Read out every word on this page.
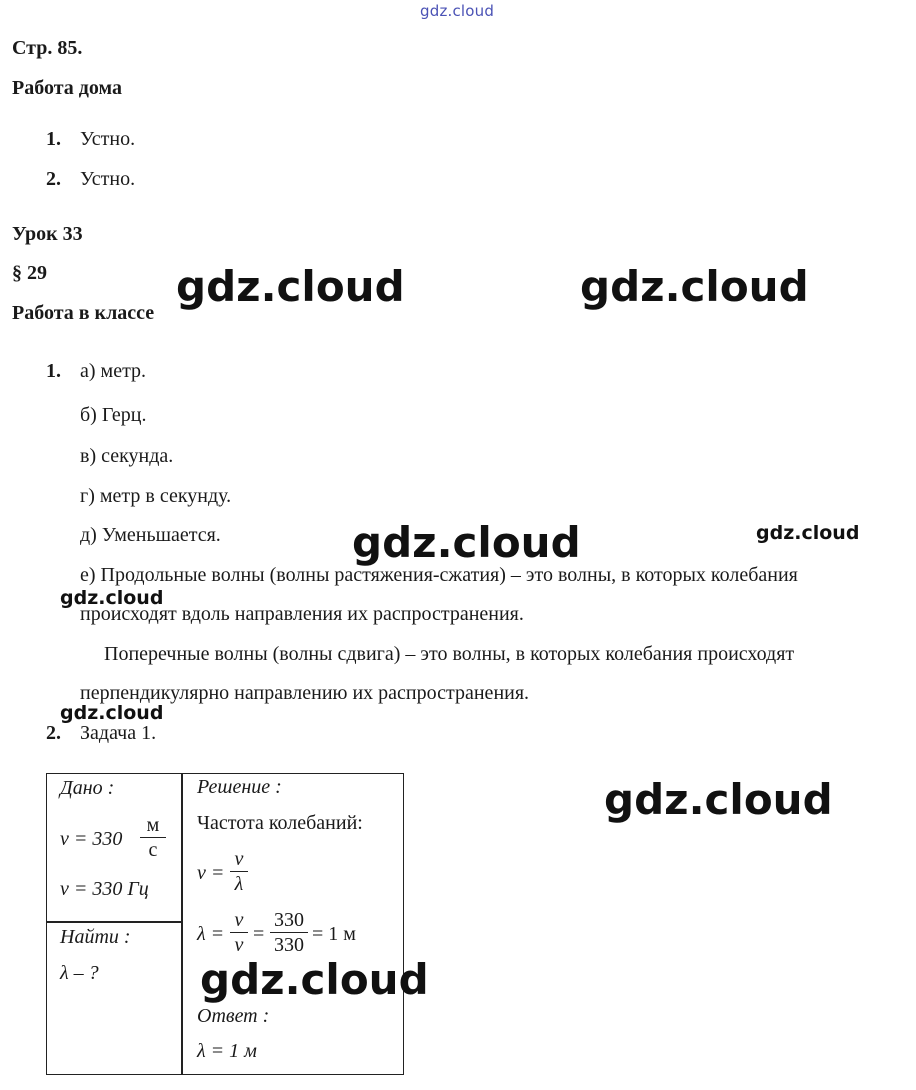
gdz.cloud
Стр. 85.
Работа дома
1. Устно.
2. Устно.
Урок 33
§ 29
Работа в классе
1. а) метр.
б) Герц.
в) секунда.
г) метр в секунду.
д) Уменьшается.
е) Продольные волны (волны растяжения-сжатия) – это волны, в которых колебания
происходят вдоль направления их распространения.
Поперечные волны (волны сдвига) – это волны, в которых колебания происходят
перпендикулярно направлению их распространения.
2. Задача 1.
Дано :
v = 330
м
с
ν = 330 Гц
Найти :
λ – ?
Решение :
Частота колебаний:
ν =
v
λ
λ =
v
ν
=
330
330
= 1 м
Ответ :
λ = 1 м
gdz.cloud	gdz.cloud
gdz.cloud	gdz.cloud
gdz.cloud
gdz.cloud
gdz.cloud
gdz.cloud
